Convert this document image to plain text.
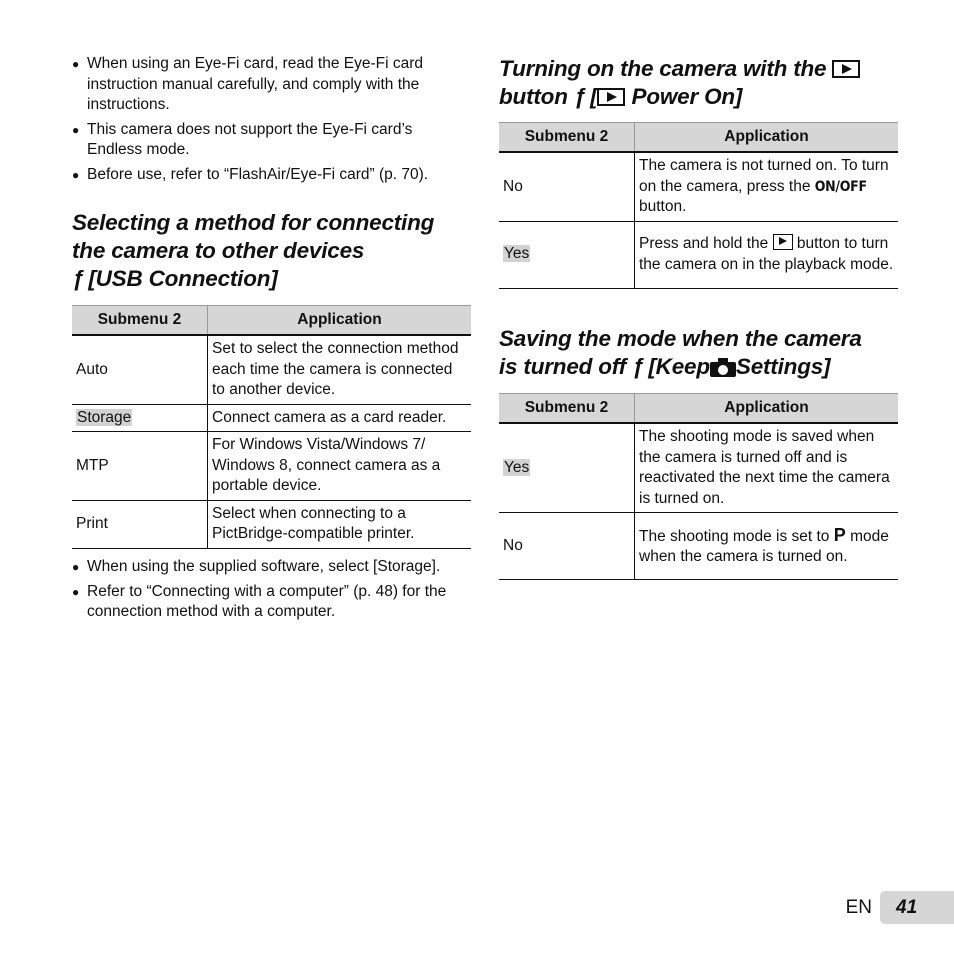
● When using an Eye-Fi card, read the Eye-Fi card instruction manual carefully, and comply with the instructions.
● This camera does not support the Eye-Fi card’s Endless mode.
● Before use, refer to “FlashAir/Eye-Fi card” (p. 70).
Selecting a method for connecting
the camera to other devices
ƒ [USB Connection]
Submenu 2	Application
Auto	Set to select the connection method each time the camera is connected to another device.
Storage	Connect camera as a card reader.
MTP	For Windows Vista/Windows 7/ Windows 8, connect camera as a portable device.
Print	Select when connecting to a PictBridge-compatible printer.
● When using the supplied software, select [Storage].
● Refer to “Connecting with a computer” (p. 48) for the connection method with a computer.
Turning on the camera with the
button ƒ [ Power On]
Submenu 2	Application
No	The camera is not turned on. To turn on the camera, press the ON/OFF button.
Yes	Press and hold the button to turn the camera on in the playback mode.
Saving the mode when the camera
is turned off ƒ [Keep Settings]
Submenu 2	Application
Yes	The shooting mode is saved when the camera is turned off and is reactivated the next time the camera is turned on.
No	The shooting mode is set to P mode when the camera is turned on.
EN	41
